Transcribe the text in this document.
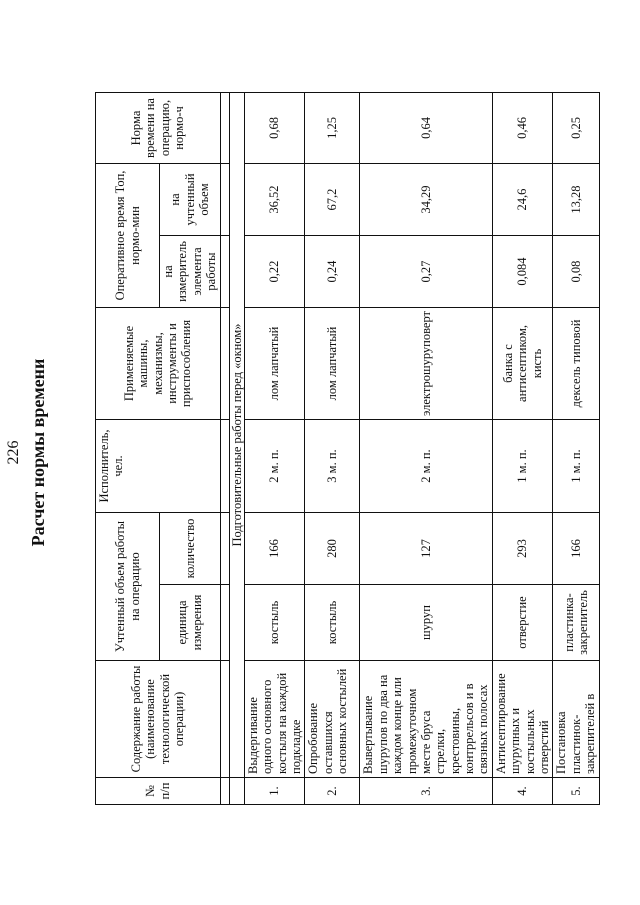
226 Расчет нормы времени
№ п/п	Содержание работы (наименование технологической операции)	Учтенный объем работы на операцию		Исполнитель, чел.	Применяемые машины, механизмы, инструменты и приспособления	Оперативное время Топ, нормо-мин		Норма времени на операцию, нормо-ч
		единица измерения	количество			на измеритель элемента работы	на учтенный объем	

	Подготовительные работы перед «окном»							
1.	Выдергивание одного основного костыля на каждой подкладке	костыль	166	2 м. п.	лом лапчатый	0,22	36,52	0,68
2.	Опробование оставшихся основных костылей	костыль	280	3 м. п.	лом лапчатый	0,24	67,2	1,25
3.	Вывертывание шурупов по два на каждом конце или промежуточном месте бруса стрелки, крестовины, контррельсов и в связных полосах	шуруп	127	2 м. п.	электрошуруповерт	0,27	34,29	0,64
4.	Антисептирование шурупных и костыльных отверстий	отверстие	293	1 м. п.	банка с антисептиком, кисть	0,084	24,6	0,46
5.	Постановка пластинок-закрепителей в	пластинка-закрепитель	166	1 м. п.	дексель типовой	0,08	13,28	0,25
